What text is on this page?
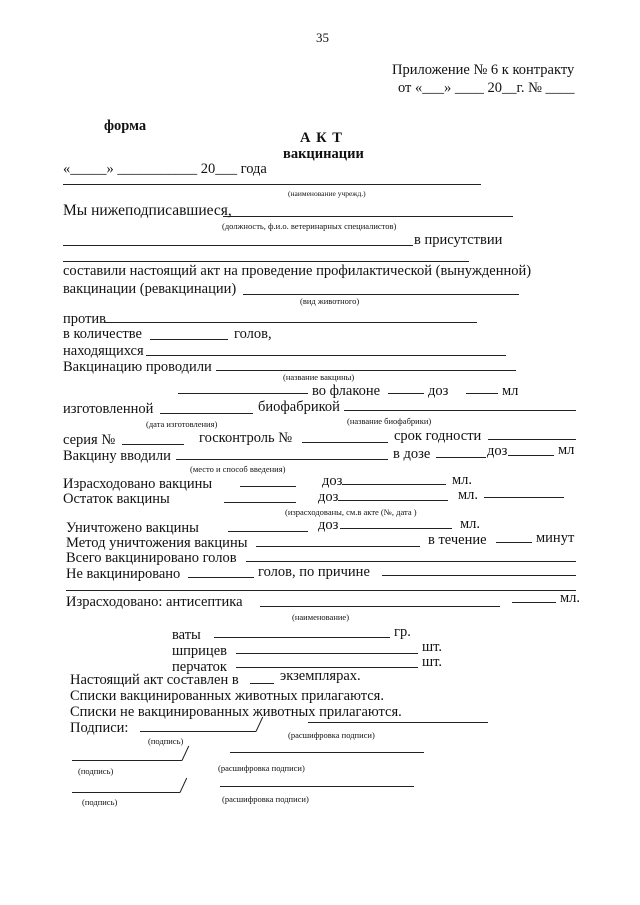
35
Приложение № 6 к контракту
от «___» ____ 20__г. № ____
форма
А К Т
вакцинации
«_____» ___________ 20___ года
(наименование учрежд.)
Мы нижеподписавшиеся,
(должность, ф.и.о. ветеринарных специалистов)
в присутствии
составили настоящий акт на проведение профилактической (вынужденной)
вакцинации (ревакцинации)
(вид животного)
против
в количестве	голов,
находящихся
Вакцинацию проводили
(название вакцины)
во флаконе	доз	мл
изготовленной	биофабрикой
(дата изготовления)	(название биофабрики)
серия №	госконтроль №	срок годности
Вакцину вводили	в дозе	доз	мл
(место и способ введения)
Израсходовано вакцины	доз	мл.
Остаток вакцины	доз	мл.
(израсходованы, см.в акте (№, дата )
Уничтожено вакцины	доз	мл.
Метод уничтожения вакцины	в течение	минут
Всего вакцинировано голов
Не вакцинировано	голов, по причине
Израсходовано: антисептика	мл.
(наименование)
ваты	гр.
шприцев	шт.
перчаток	шт.
Настоящий акт составлен в	экземплярах.
Списки вакцинированных животных прилагаются.
Списки не вакцинированных животных прилагаются.
Подписи:
(подпись)
(расшифровка подписи)
(подпись)	(расшифровка подписи)
(подпись)	(расшифровка подписи)
